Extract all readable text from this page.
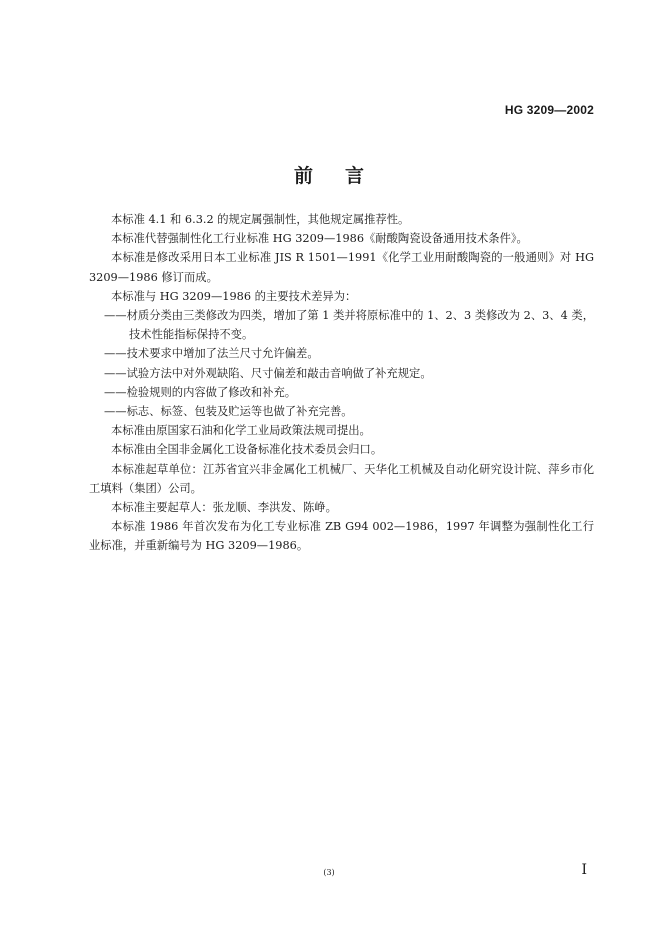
HG 3209—2002
前 言

本标准 4.1 和 6.3.2 的规定属强制性，其他规定属推荐性。

本标准代替强制性化工行业标准 HG 3209—1986《耐酸陶瓷设备通用技术条件》。

本标准是修改采用日本工业标准 JIS R 1501—1991《化学工业用耐酸陶瓷的一般通则》对 HG 3209—1986 修订而成。

本标准与 HG 3209—1986 的主要技术差异为：

——材质分类由三类修改为四类，增加了第 1 类并将原标准中的 1、2、3 类修改为 2、3、4 类，技术性能指标保持不变。

——技术要求中增加了法兰尺寸允许偏差。

——试验方法中对外观缺陷、尺寸偏差和敲击音响做了补充规定。

——检验规则的内容做了修改和补充。

——标志、标签、包装及贮运等也做了补充完善。

本标准由原国家石油和化学工业局政策法规司提出。

本标准由全国非金属化工设备标准化技术委员会归口。

本标准起草单位：江苏省宜兴非金属化工机械厂、天华化工机械及自动化研究设计院、萍乡市化工填料（集团）公司。

本标准主要起草人：张龙顺、李洪发、陈峥。

本标准 1986 年首次发布为化工专业标准 ZB G94 002—1986，1997 年调整为强制性化工行业标准，并重新编号为 HG 3209—1986。

(3)	I
